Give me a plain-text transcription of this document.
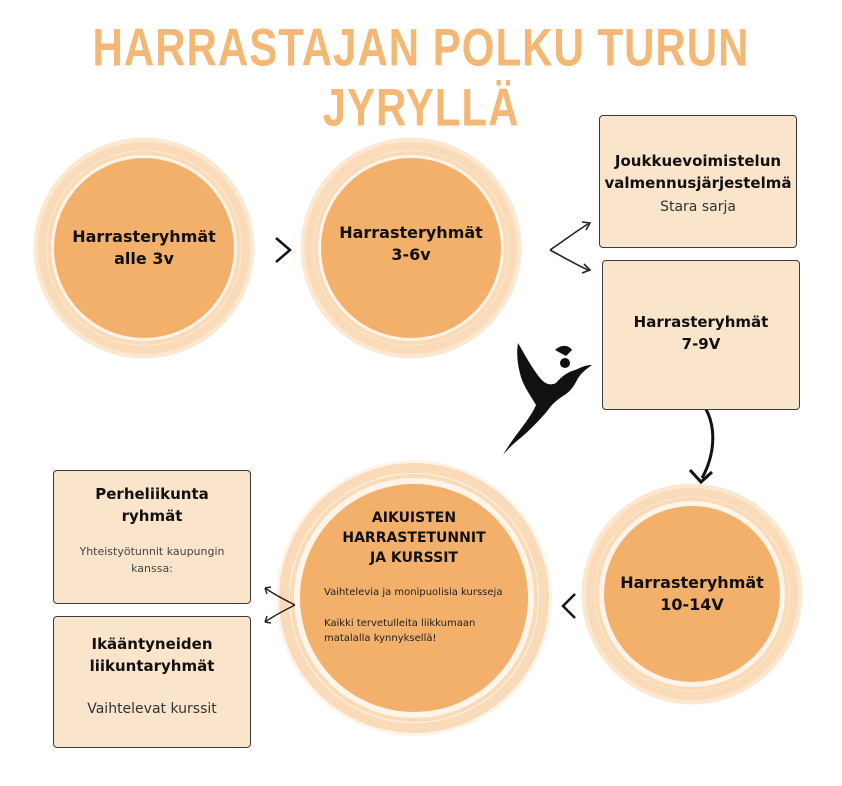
HARRASTAJAN POLKU TURUN JYRYLLÄ
Harrasteryhmät
alle 3v
Harrasteryhmät
3-6v
Harrasteryhmät
10-14V
AIKUISTEN
HARRASTETUNNIT
JA KURSSIT
Vaihtelevia ja monipuolisia kursseja
Kaikki tervetulleita liikkumaan
matalalla kynnyksellä!
Joukkuevoimistelun
valmennusjärjestelmä
Stara sarja
Harrasteryhmät
7-9V
Perheliikunta
ryhmät
Yhteistyötunnit kaupungin
kanssa:
Ikääntyneiden
liikuntaryhmät
Vaihtelevat kurssit
